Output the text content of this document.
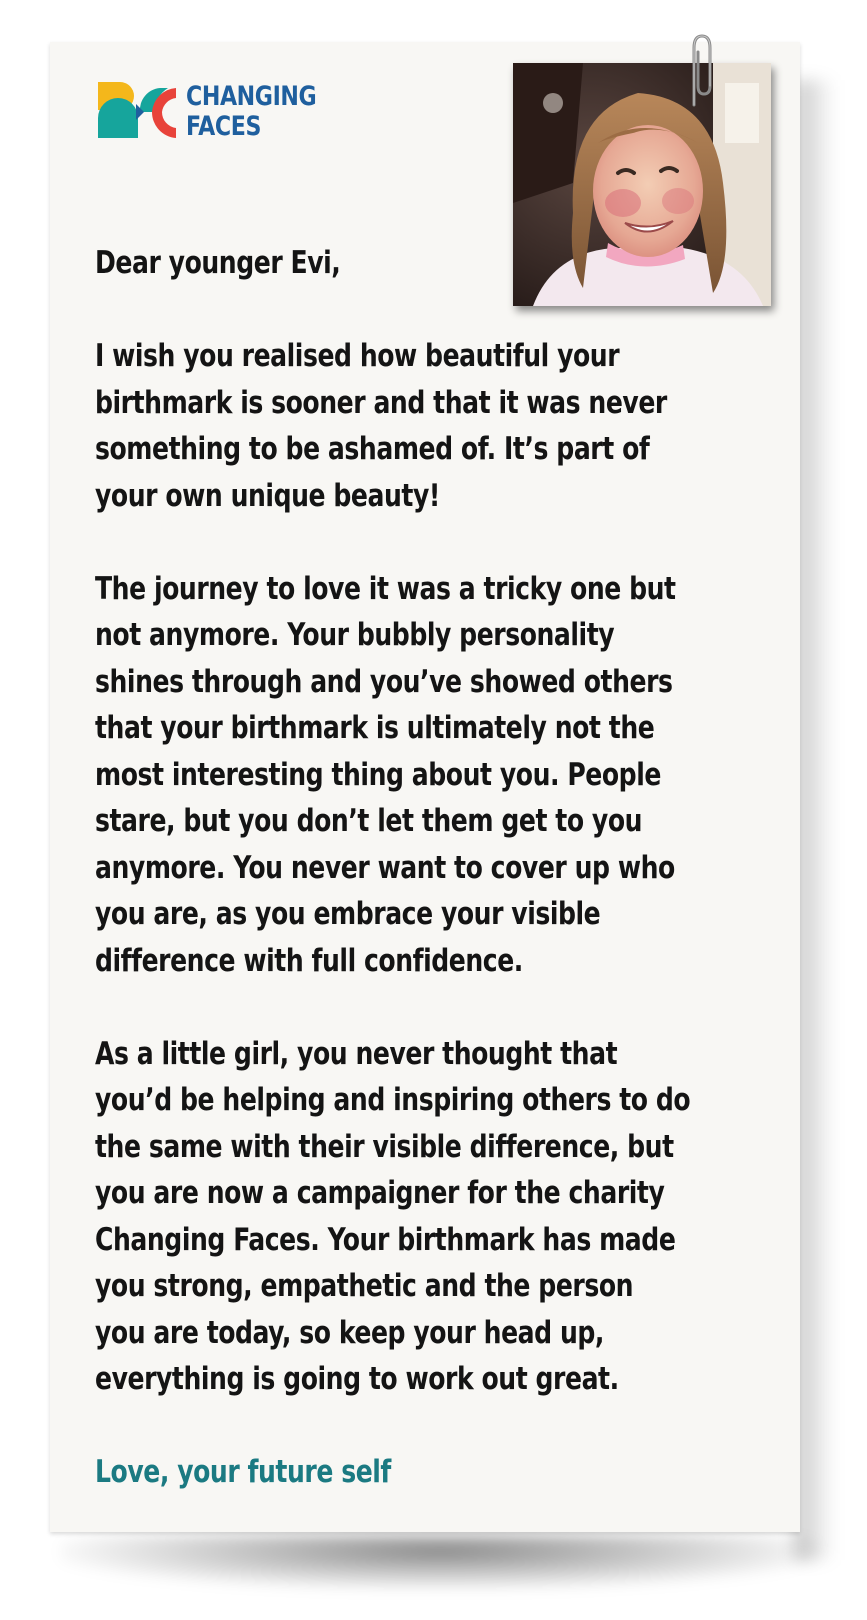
CHANGING
FACES

Dear younger Evi,

I wish you realised how beautiful your
birthmark is sooner and that it was never
something to be ashamed of. It’s part of
your own unique beauty!

The journey to love it was a tricky one but
not anymore. Your bubbly personality
shines through and you’ve showed others
that your birthmark is ultimately not the
most interesting thing about you. People
stare, but you don’t let them get to you
anymore. You never want to cover up who
you are, as you embrace your visible
difference with full confidence.

As a little girl, you never thought that
you’d be helping and inspiring others to do
the same with their visible difference, but
you are now a campaigner for the charity
Changing Faces. Your birthmark has made
you strong, empathetic and the person
you are today, so keep your head up,
everything is going to work out great.

Love, your future self
